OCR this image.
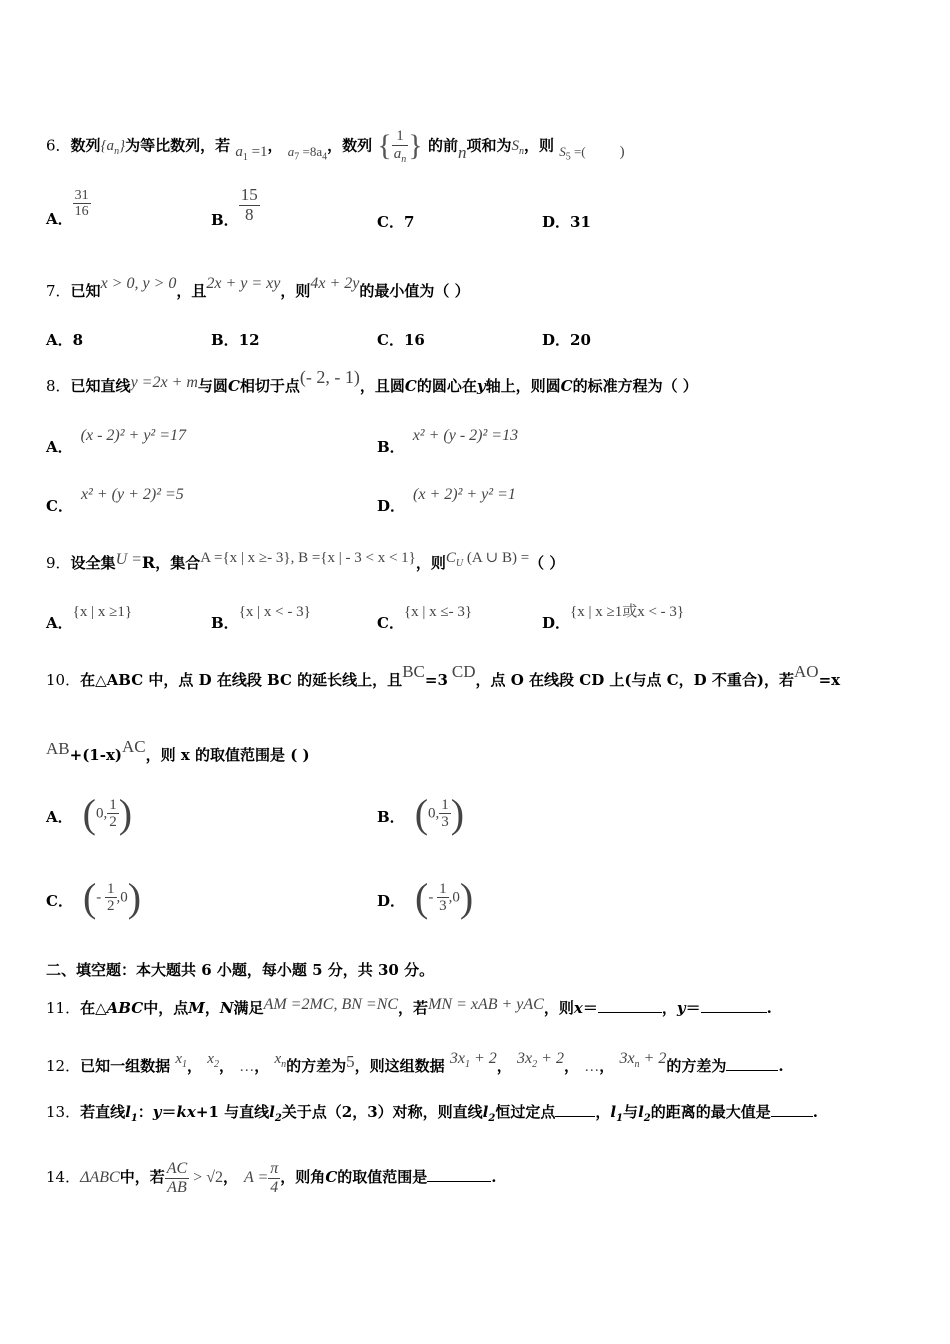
6．数列$\{a_n\}$为等比数列，若 $a_1 =1$， $a_7 =8a_4$，数列 { $\frac{1}{a_n}$ } 的前n项和为$S_n$，则 $S_5$ =( )
A． $\frac{31}{16}$
B． $\frac{15}{8}$	C．7	D．31
7．已知x > 0, y > 0，且2x + y = xy，则4x + 2y的最小值为（ ）
A．8	B．12	C．16	D．20
8．已知直线y =2x + m与圆C相切于点(- 2, - 1)，且圆C的圆心在y轴上，则圆C的标准方程为（ ）
A．(x - 2)² + y² =17
B．x² + (y - 2)² =13
C．x² + (y + 2)² =5
D．(x + 2)² + y² =1
9．设全集U =R，集合A ={x | x ≥- 3}, B ={x | - 3 < x < 1}，则$C_U$ (A ∪ B) =（ ）
A．{x | x ≥1}
B．{x | x < - 3}
C．{x | x ≤- 3}
D．{x | x ≥1或x < - 3}
10．在△ABC 中，点 D 在线段 BC 的延长线上，且BC=3 CD，点 O 在线段 CD 上(与点 C，D 不重合)，若AO=x
AB+(1-x)AC，则 x 的取值范围是 ( )
A． (0, $\frac{1}{2}$ )	B． (0, $\frac{1}{3}$ )
C． (- $\frac{1}{2} ,0$)	D． (- $\frac{1}{3} ,0$)
二、填空题：本大题共 6 小题，每小题 5 分，共 30 分。
11．在△ABC中，点M，N满足AM =2MC, BN =NC，若MN = xAB + yAC，则x＝	，y＝	.
12．已知一组数据 $x_1$， $x_2$， …， $x_n$的方差为5，则这组数据 $3x_1 + 2$， $3x_2 + 2$， …， $3x_n + 2$的方差为	.
13．若直线$l_1$：y＝kx+1 与直线$l_2$关于点（2，3）对称，则直线$l_2$恒过定点	，$l_1$与$l_2$的距离的最大值是	.
14．ΔABC中，若 $\frac{AC}{AB} > √2$， $A = \frac{\pi}{4}$ ，则角C的取值范围是	.
